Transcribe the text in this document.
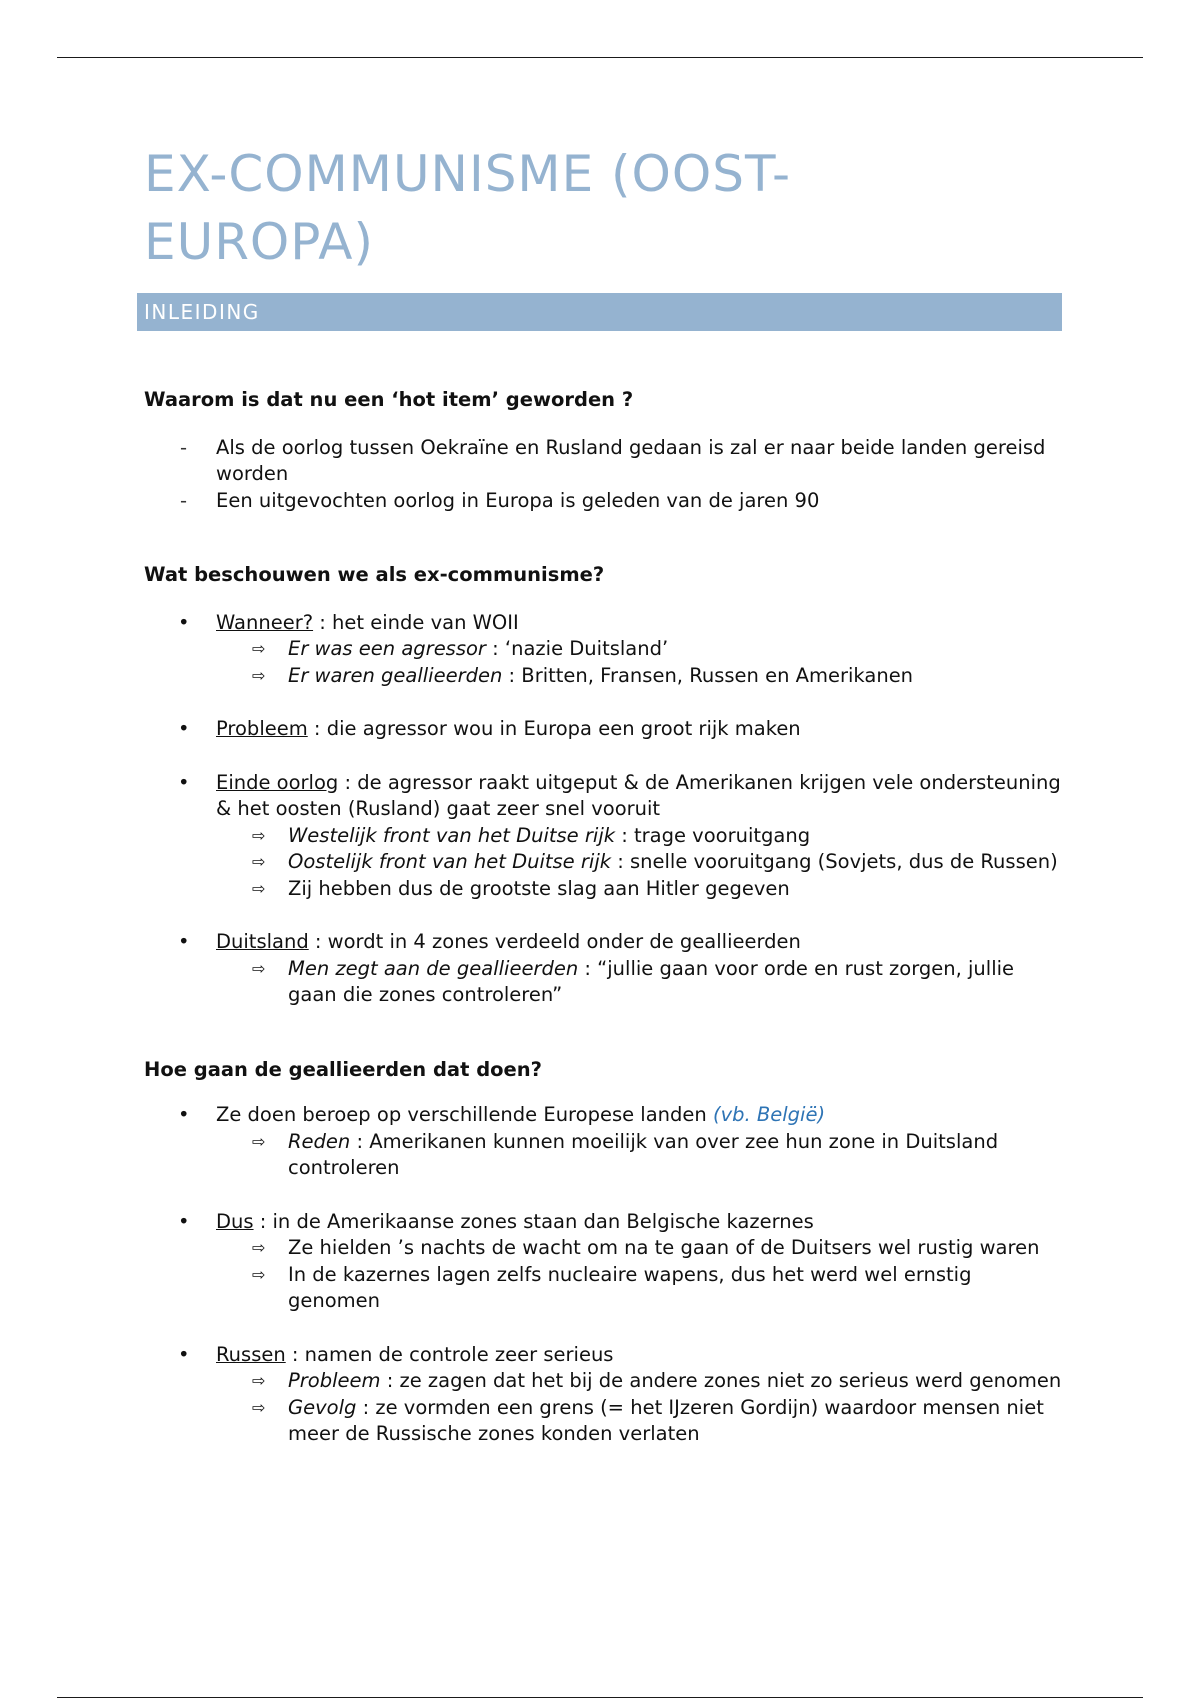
EX-COMMUNISME (OOST-EUROPA)
INLEIDING

Waarom is dat nu een ‘hot item’ geworden ?

- Als de oorlog tussen Oekraïne en Rusland gedaan is zal er naar beide landen gereisd worden
- Een uitgevochten oorlog in Europa is geleden van de jaren 90

Wat beschouwen we als ex-communisme?

• Wanneer? : het einde van WOII
⇨ Er was een agressor : ‘nazie Duitsland’
⇨ Er waren geallieerden : Britten, Fransen, Russen en Amerikanen
• Probleem : die agressor wou in Europa een groot rijk maken
• Einde oorlog : de agressor raakt uitgeput & de Amerikanen krijgen vele ondersteuning & het oosten (Rusland) gaat zeer snel vooruit
⇨ Westelijk front van het Duitse rijk : trage vooruitgang
⇨ Oostelijk front van het Duitse rijk : snelle vooruitgang (Sovjets, dus de Russen)
⇨ Zij hebben dus de grootste slag aan Hitler gegeven
• Duitsland : wordt in 4 zones verdeeld onder de geallieerden
⇨ Men zegt aan de geallieerden : “jullie gaan voor orde en rust zorgen, jullie gaan die zones controleren”

Hoe gaan de geallieerden dat doen?

• Ze doen beroep op verschillende Europese landen (vb. België)
⇨ Reden : Amerikanen kunnen moeilijk van over zee hun zone in Duitsland controleren
• Dus : in de Amerikaanse zones staan dan Belgische kazernes
⇨ Ze hielden ’s nachts de wacht om na te gaan of de Duitsers wel rustig waren
⇨ In de kazernes lagen zelfs nucleaire wapens, dus het werd wel ernstig genomen
• Russen : namen de controle zeer serieus
⇨ Probleem : ze zagen dat het bij de andere zones niet zo serieus werd genomen
⇨ Gevolg : ze vormden een grens (= het IJzeren Gordijn) waardoor mensen niet meer de Russische zones konden verlaten
